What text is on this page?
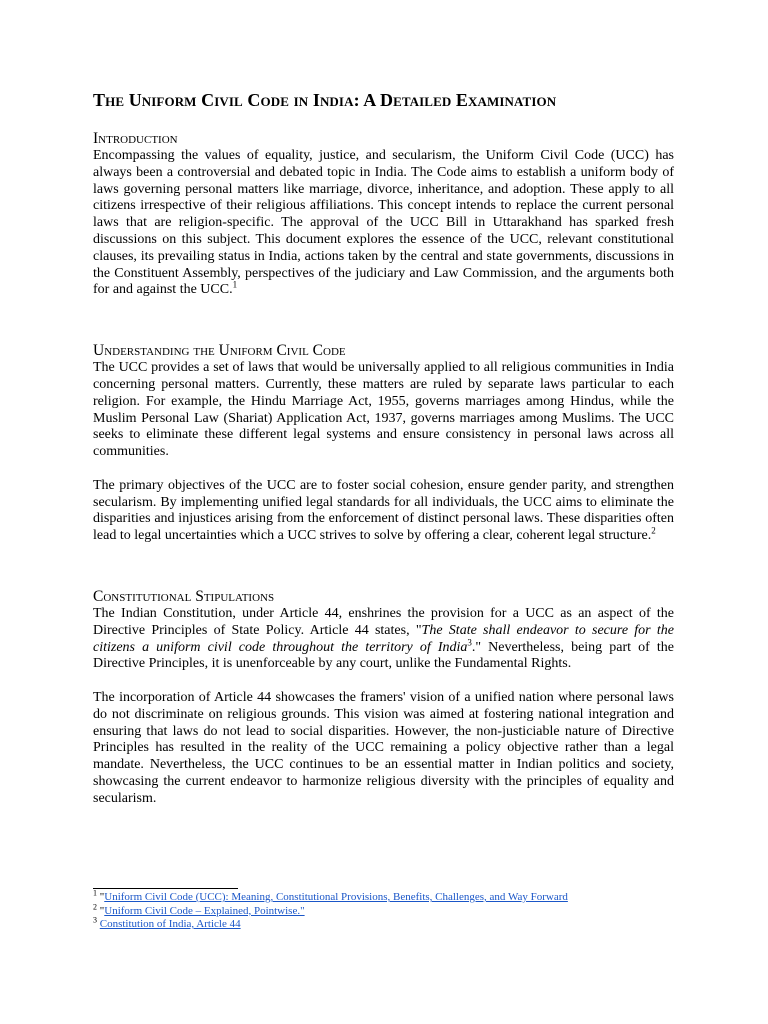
The Uniform Civil Code in India: A Detailed Examination
Introduction

Encompassing the values of equality, justice, and secularism, the Uniform Civil Code (UCC) has always been a controversial and debated topic in India. The Code aims to establish a uniform body of laws governing personal matters like marriage, divorce, inheritance, and adoption. These apply to all citizens irrespective of their religious affiliations. This concept intends to replace the current personal laws that are religion-specific. The approval of the UCC Bill in Uttarakhand has sparked fresh discussions on this subject. This document explores the essence of the UCC, relevant constitutional clauses, its prevailing status in India, actions taken by the central and state governments, discussions in the Constituent Assembly, perspectives of the judiciary and Law Commission, and the arguments both for and against the UCC.$^1$

Understanding the Uniform Civil Code

The UCC provides a set of laws that would be universally applied to all religious communities in India concerning personal matters. Currently, these matters are ruled by separate laws particular to each religion. For example, the Hindu Marriage Act, 1955, governs marriages among Hindus, while the Muslim Personal Law (Shariat) Application Act, 1937, governs marriages among Muslims. The UCC seeks to eliminate these different legal systems and ensure consistency in personal laws across all communities.

The primary objectives of the UCC are to foster social cohesion, ensure gender parity, and strengthen secularism. By implementing unified legal standards for all individuals, the UCC aims to eliminate the disparities and injustices arising from the enforcement of distinct personal laws. These disparities often lead to legal uncertainties which a UCC strives to solve by offering a clear, coherent legal structure.$^2$

Constitutional Stipulations

The Indian Constitution, under Article 44, enshrines the provision for a UCC as an aspect of the Directive Principles of State Policy. Article 44 states, "The State shall endeavor to secure for the citizens a uniform civil code throughout the territory of India$^3$." Nevertheless, being part of the Directive Principles, it is unenforceable by any court, unlike the Fundamental Rights.

The incorporation of Article 44 showcases the framers' vision of a unified nation where personal laws do not discriminate on religious grounds. This vision was aimed at fostering national integration and ensuring that laws do not lead to social disparities. However, the non-justiciable nature of Directive Principles has resulted in the reality of the UCC remaining a policy objective rather than a legal mandate. Nevertheless, the UCC continues to be an essential matter in Indian politics and society, showcasing the current endeavor to harmonize religious diversity with the principles of equality and secularism.

$^1$ "Uniform Civil Code (UCC): Meaning, Constitutional Provisions, Benefits, Challenges, and Way Forward
$^2$ "Uniform Civil Code – Explained, Pointwise."
$^3$ Constitution of India, Article 44
